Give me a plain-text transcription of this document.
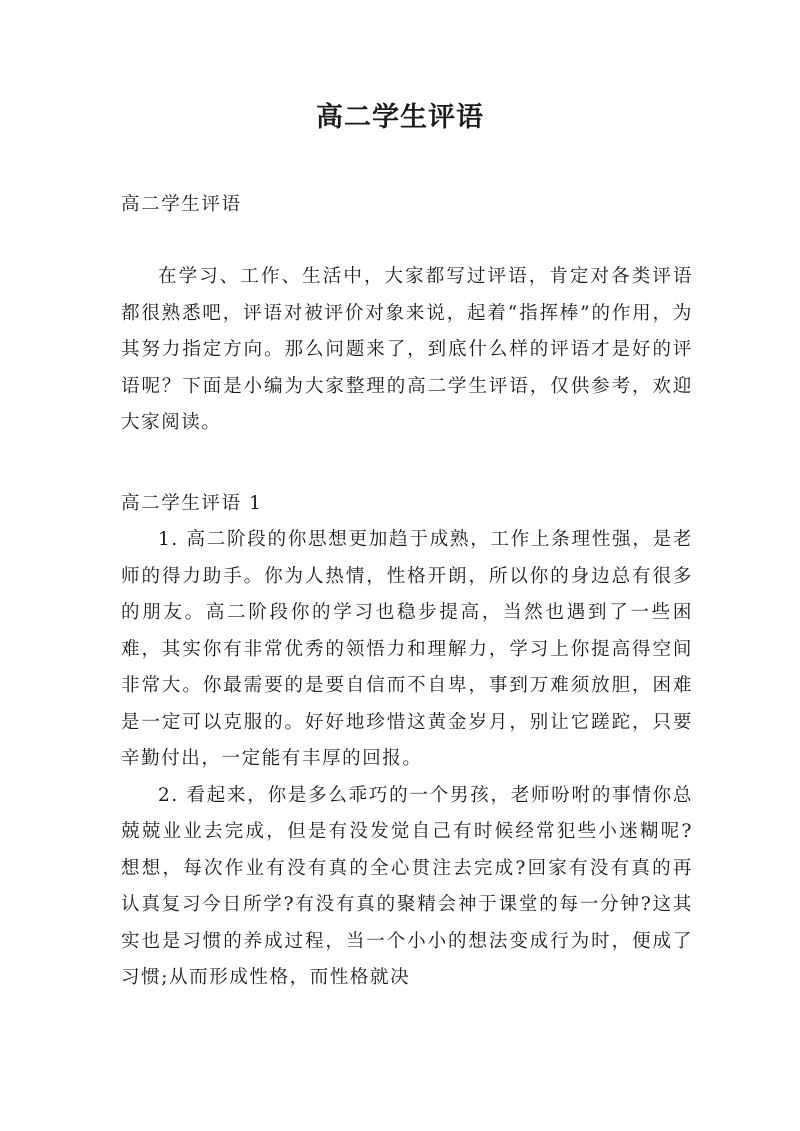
高二学生评语
高二学生评语

在学习、工作、生活中，大家都写过评语，肯定对各类评语都很熟悉吧，评语对被评价对象来说，起着“指挥棒”的作用，为其努力指定方向。那么问题来了，到底什么样的评语才是好的评语呢？下面是小编为大家整理的高二学生评语，仅供参考，欢迎大家阅读。

高二学生评语 1

1. 高二阶段的你思想更加趋于成熟，工作上条理性强，是老师的得力助手。你为人热情，性格开朗，所以你的身边总有很多的朋友。高二阶段你的学习也稳步提高，当然也遇到了一些困难，其实你有非常优秀的领悟力和理解力，学习上你提高得空间非常大。你最需要的是要自信而不自卑，事到万难须放胆，困难是一定可以克服的。好好地珍惜这黄金岁月，别让它蹉跎，只要辛勤付出，一定能有丰厚的回报。

2. 看起来，你是多么乖巧的一个男孩，老师吩咐的事情你总兢兢业业去完成，但是有没发觉自己有时候经常犯些小迷糊呢?想想，每次作业有没有真的全心贯注去完成?回家有没有真的再认真复习今日所学?有没有真的聚精会神于课堂的每一分钟?这其实也是习惯的养成过程，当一个小小的想法变成行为时，便成了习惯;从而形成性格，而性格就决
